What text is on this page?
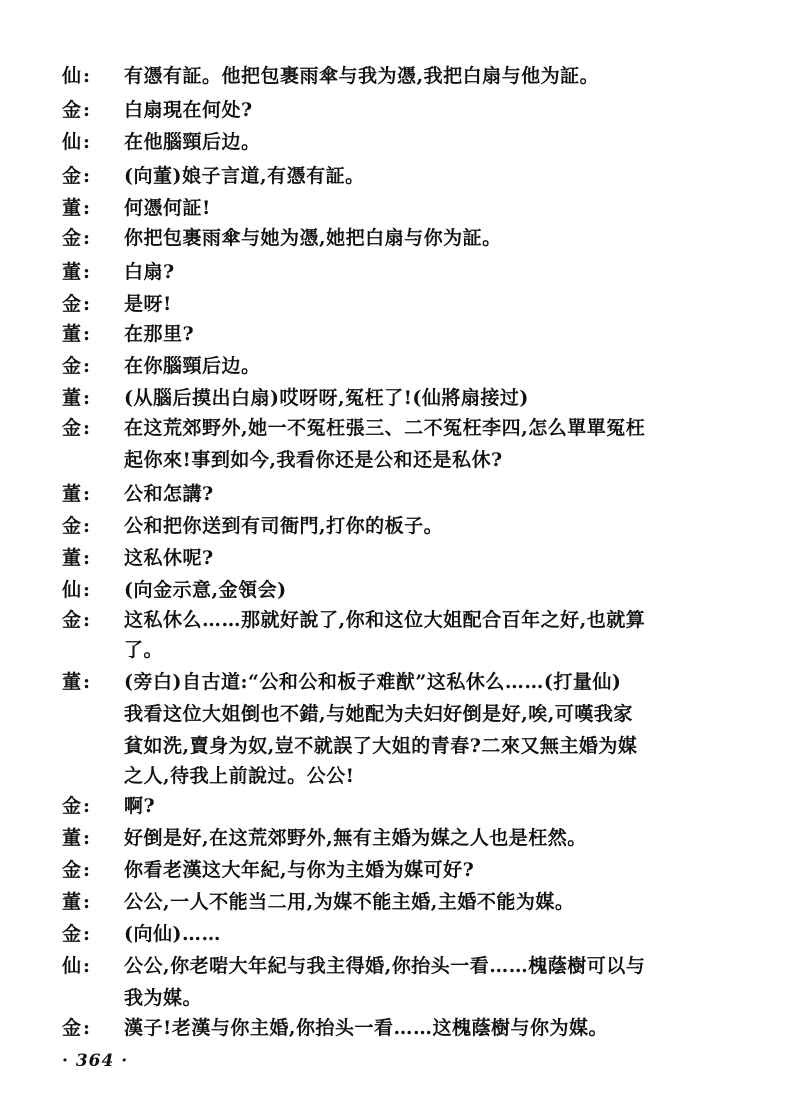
仙:	有憑有証。他把包裹雨傘与我为憑,我把白扇与他为証。
金:	白扇現在何处?
仙:	在他腦頸后边。
金:	(向董)娘子言道,有憑有証。
董:	何憑何証!
金:	你把包裹雨傘与她为憑,她把白扇与你为証。
董:	白扇?
金:	是呀!
董:	在那里?
金:	在你腦頸后边。
董:	(从腦后摸出白扇)哎呀呀,冤枉了!(仙將扇接过)
金:	在这荒郊野外,她一不冤枉張三、二不冤枉李四,怎么單單冤枉
起你來!事到如今,我看你还是公和还是私休?
董:	公和怎講?
金:	公和把你送到有司衙門,打你的板子。
董:	这私休呢?
仙:	(向金示意,金領会)
金:	这私休么……那就好說了,你和这位大姐配合百年之好,也就算
了。
董:	(旁白)自古道:“公和公和板子难猷”这私休么……(打量仙)
我看这位大姐倒也不錯,与她配为夫妇好倒是好,唉,可嘆我家
貧如洗,賣身为奴,豈不就誤了大姐的青春?二來又無主婚为媒
之人,待我上前說过。公公!
金:	啊?
董:	好倒是好,在这荒郊野外,無有主婚为媒之人也是枉然。
金:	你看老漢这大年紀,与你为主婚为媒可好?
董:	公公,一人不能当二用,为媒不能主婚,主婚不能为媒。
金:	(向仙)……
仙:	公公,你老啱大年紀与我主得婚,你抬头一看……槐蔭樹可以与
我为媒。
金:	漢子!老漢与你主婚,你抬头一看……这槐蔭樹与你为媒。
· 364 ·
